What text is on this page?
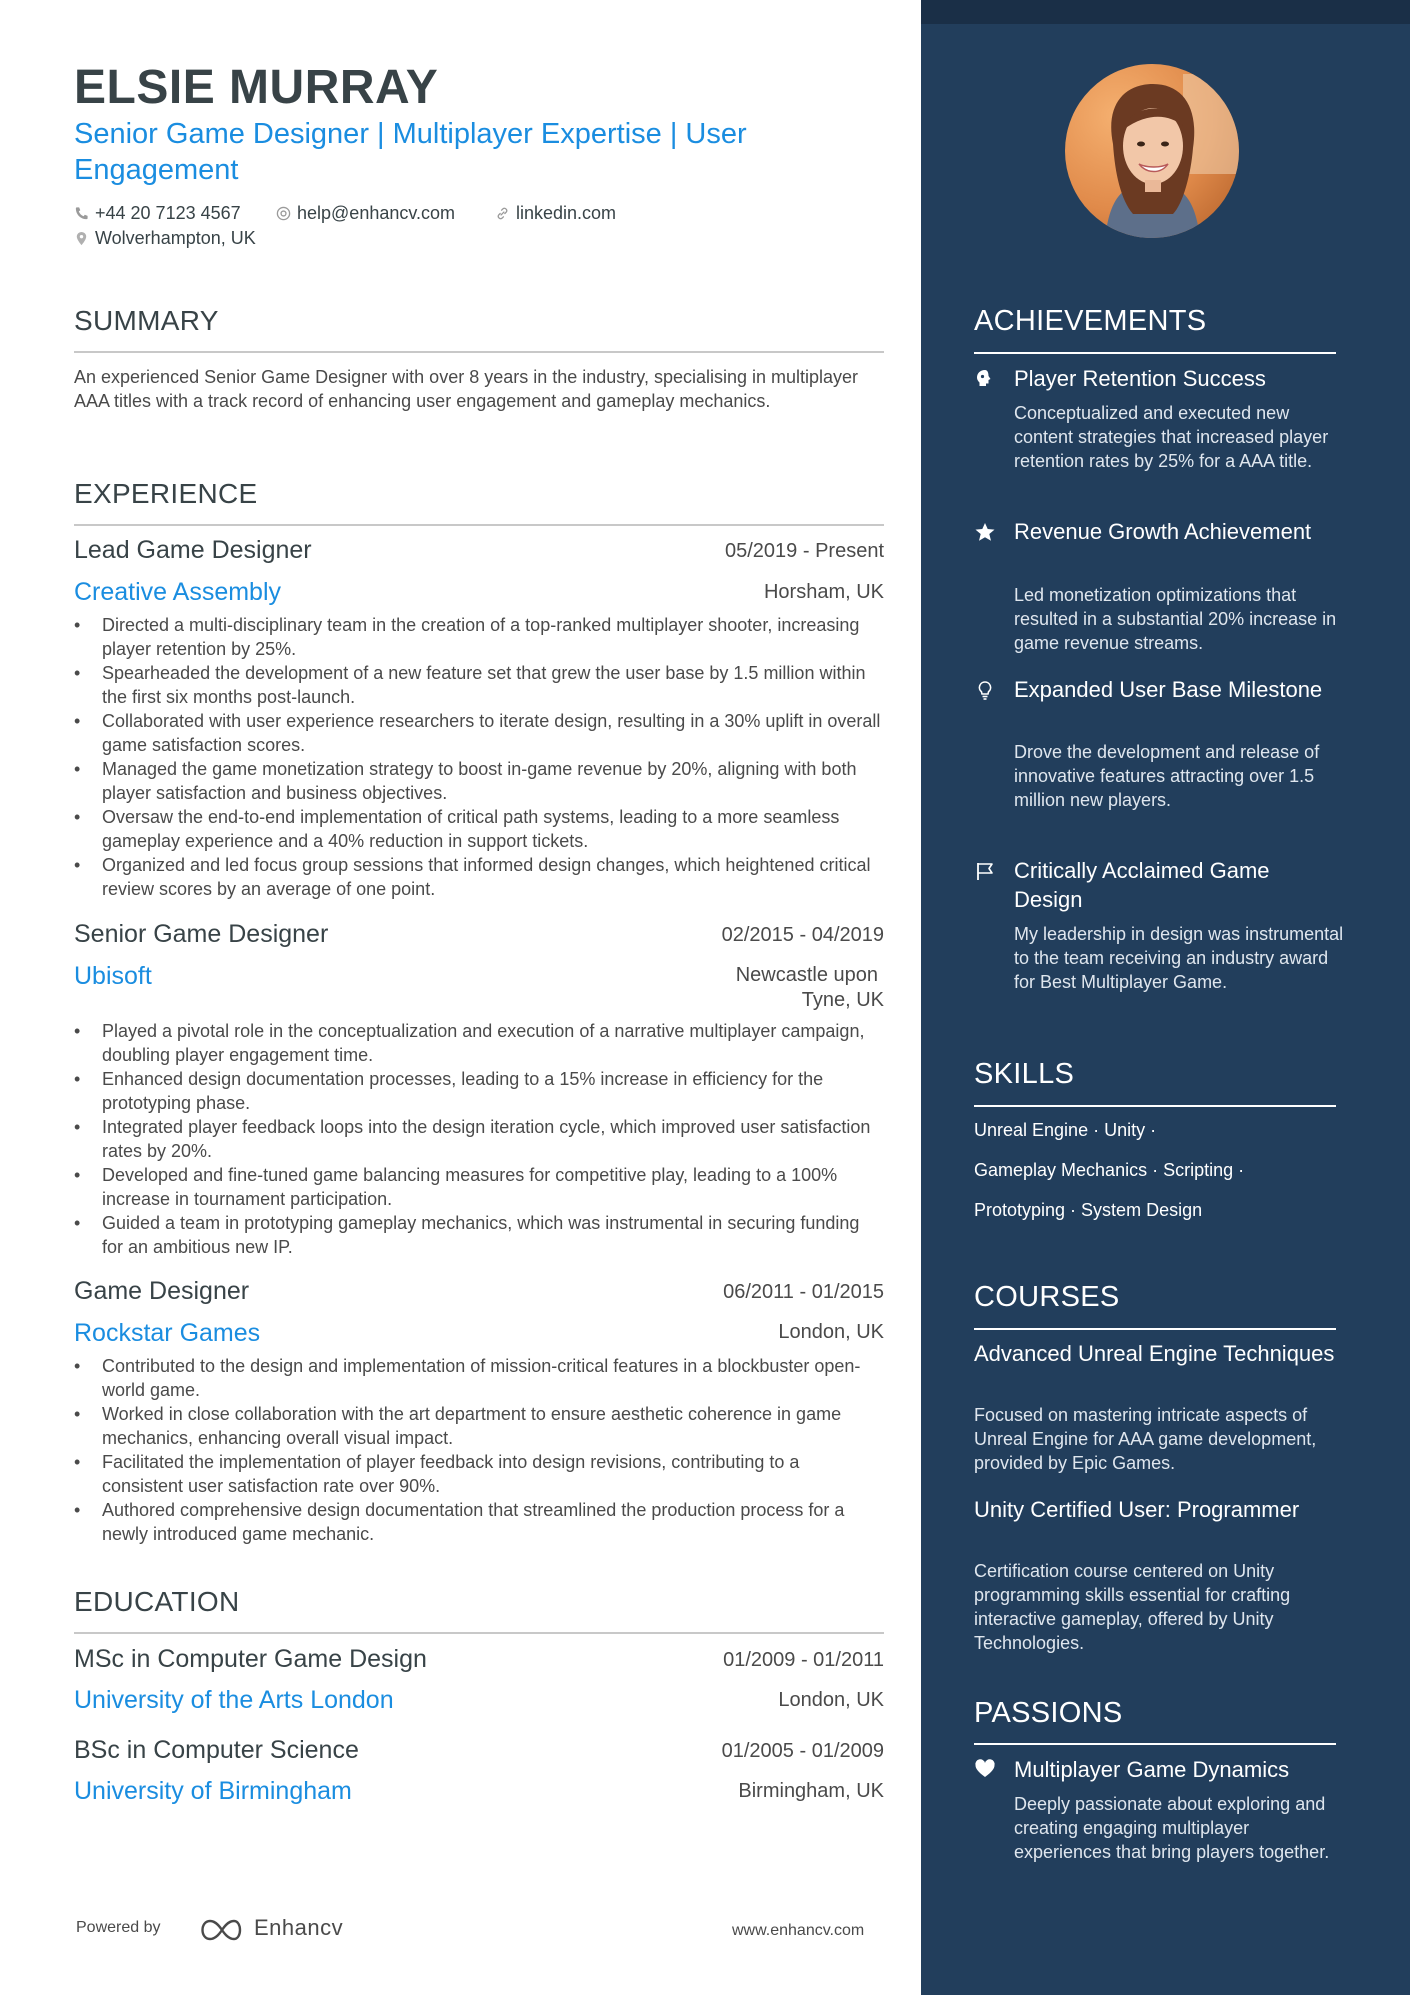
ELSIE MURRAY
Senior Game Designer | Multiplayer Expertise | User Engagement
+44 20 7123 4567	help@enhancv.com	linkedin.com
Wolverhampton, UK
SUMMARY
An experienced Senior Game Designer with over 8 years in the industry, specialising in multiplayer AAA titles with a track record of enhancing user engagement and gameplay mechanics.
EXPERIENCE
Lead Game Designer	05/2019 - Present
Creative Assembly	Horsham, UK
• Directed a multi-disciplinary team in the creation of a top-ranked multiplayer shooter, increasing player retention by 25%.
• Spearheaded the development of a new feature set that grew the user base by 1.5 million within the first six months post-launch.
• Collaborated with user experience researchers to iterate design, resulting in a 30% uplift in overall game satisfaction scores.
• Managed the game monetization strategy to boost in-game revenue by 20%, aligning with both player satisfaction and business objectives.
• Oversaw the end-to-end implementation of critical path systems, leading to a more seamless gameplay experience and a 40% reduction in support tickets.
• Organized and led focus group sessions that informed design changes, which heightened critical review scores by an average of one point.
Senior Game Designer	02/2015 - 04/2019
Ubisoft	Newcastle upon
Tyne, UK
• Played a pivotal role in the conceptualization and execution of a narrative multiplayer campaign, doubling player engagement time.
• Enhanced design documentation processes, leading to a 15% increase in efficiency for the prototyping phase.
• Integrated player feedback loops into the design iteration cycle, which improved user satisfaction rates by 20%.
• Developed and fine-tuned game balancing measures for competitive play, leading to a 100% increase in tournament participation.
• Guided a team in prototyping gameplay mechanics, which was instrumental in securing funding for an ambitious new IP.
Game Designer	06/2011 - 01/2015
Rockstar Games	London, UK
• Contributed to the design and implementation of mission-critical features in a blockbuster open-world game.
• Worked in close collaboration with the art department to ensure aesthetic coherence in game mechanics, enhancing overall visual impact.
• Facilitated the implementation of player feedback into design revisions, contributing to a consistent user satisfaction rate over 90%.
• Authored comprehensive design documentation that streamlined the production process for a newly introduced game mechanic.
EDUCATION
MSc in Computer Game Design	01/2009 - 01/2011
University of the Arts London	London, UK
BSc in Computer Science	01/2005 - 01/2009
University of Birmingham	Birmingham, UK
Powered by	Enhancv	www.enhancv.com
ACHIEVEMENTS
Player Retention Success
Conceptualized and executed new content strategies that increased player retention rates by 25% for a AAA title.
Revenue Growth Achievement
Led monetization optimizations that resulted in a substantial 20% increase in game revenue streams.
Expanded User Base Milestone
Drove the development and release of innovative features attracting over 1.5 million new players.
Critically Acclaimed Game Design
My leadership in design was instrumental to the team receiving an industry award for Best Multiplayer Game.
SKILLS
Unreal Engine · Unity ·
Gameplay Mechanics · Scripting ·
Prototyping · System Design
COURSES
Advanced Unreal Engine Techniques
Focused on mastering intricate aspects of Unreal Engine for AAA game development, provided by Epic Games.
Unity Certified User: Programmer
Certification course centered on Unity programming skills essential for crafting interactive gameplay, offered by Unity Technologies.
PASSIONS
Multiplayer Game Dynamics
Deeply passionate about exploring and creating engaging multiplayer experiences that bring players together.
